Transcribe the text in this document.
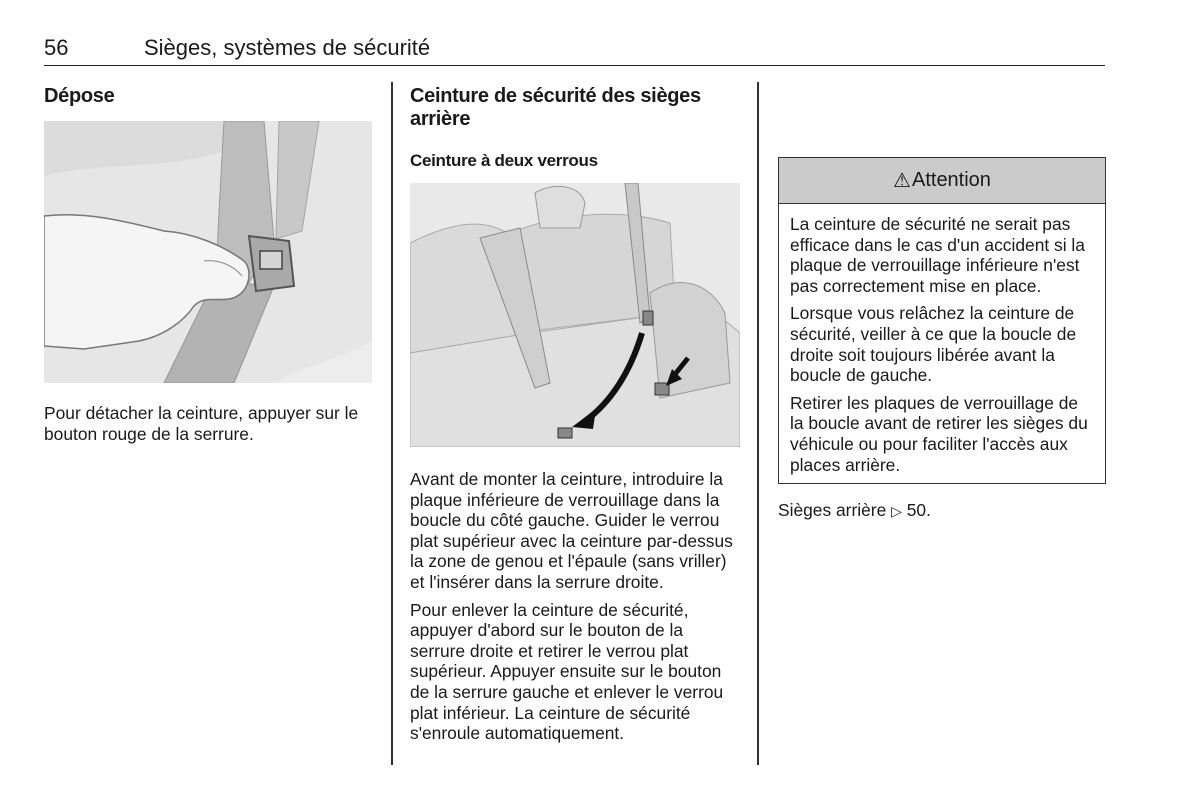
56	Sièges, systèmes de sécurité
Dépose

Pour détacher la ceinture, appuyer sur le bouton rouge de la serrure.

Ceinture de sécurité des sièges arrière
Ceinture à deux verrous

Avant de monter la ceinture, introduire la plaque inférieure de verrouillage dans la boucle du côté gauche. Guider le verrou plat supérieur avec la ceinture par-dessus la zone de genou et l'épaule (sans vriller) et l'insérer dans la serrure droite.

Pour enlever la ceinture de sécurité, appuyer d'abord sur le bouton de la serrure droite et retirer le verrou plat supérieur. Appuyer ensuite sur le bouton de la serrure gauche et enlever le verrou plat inférieur. La ceinture de sécurité s'enroule automatiquement.

⚠ Attention

La ceinture de sécurité ne serait pas efficace dans le cas d'un accident si la plaque de verrouillage inférieure n'est pas correctement mise en place.

Lorsque vous relâchez la ceinture de sécurité, veiller à ce que la boucle de droite soit toujours libérée avant la boucle de gauche.

Retirer les plaques de verrouillage de la boucle avant de retirer les sièges du véhicule ou pour faciliter l'accès aux places arrière.

Sièges arrière ▷ 50.
